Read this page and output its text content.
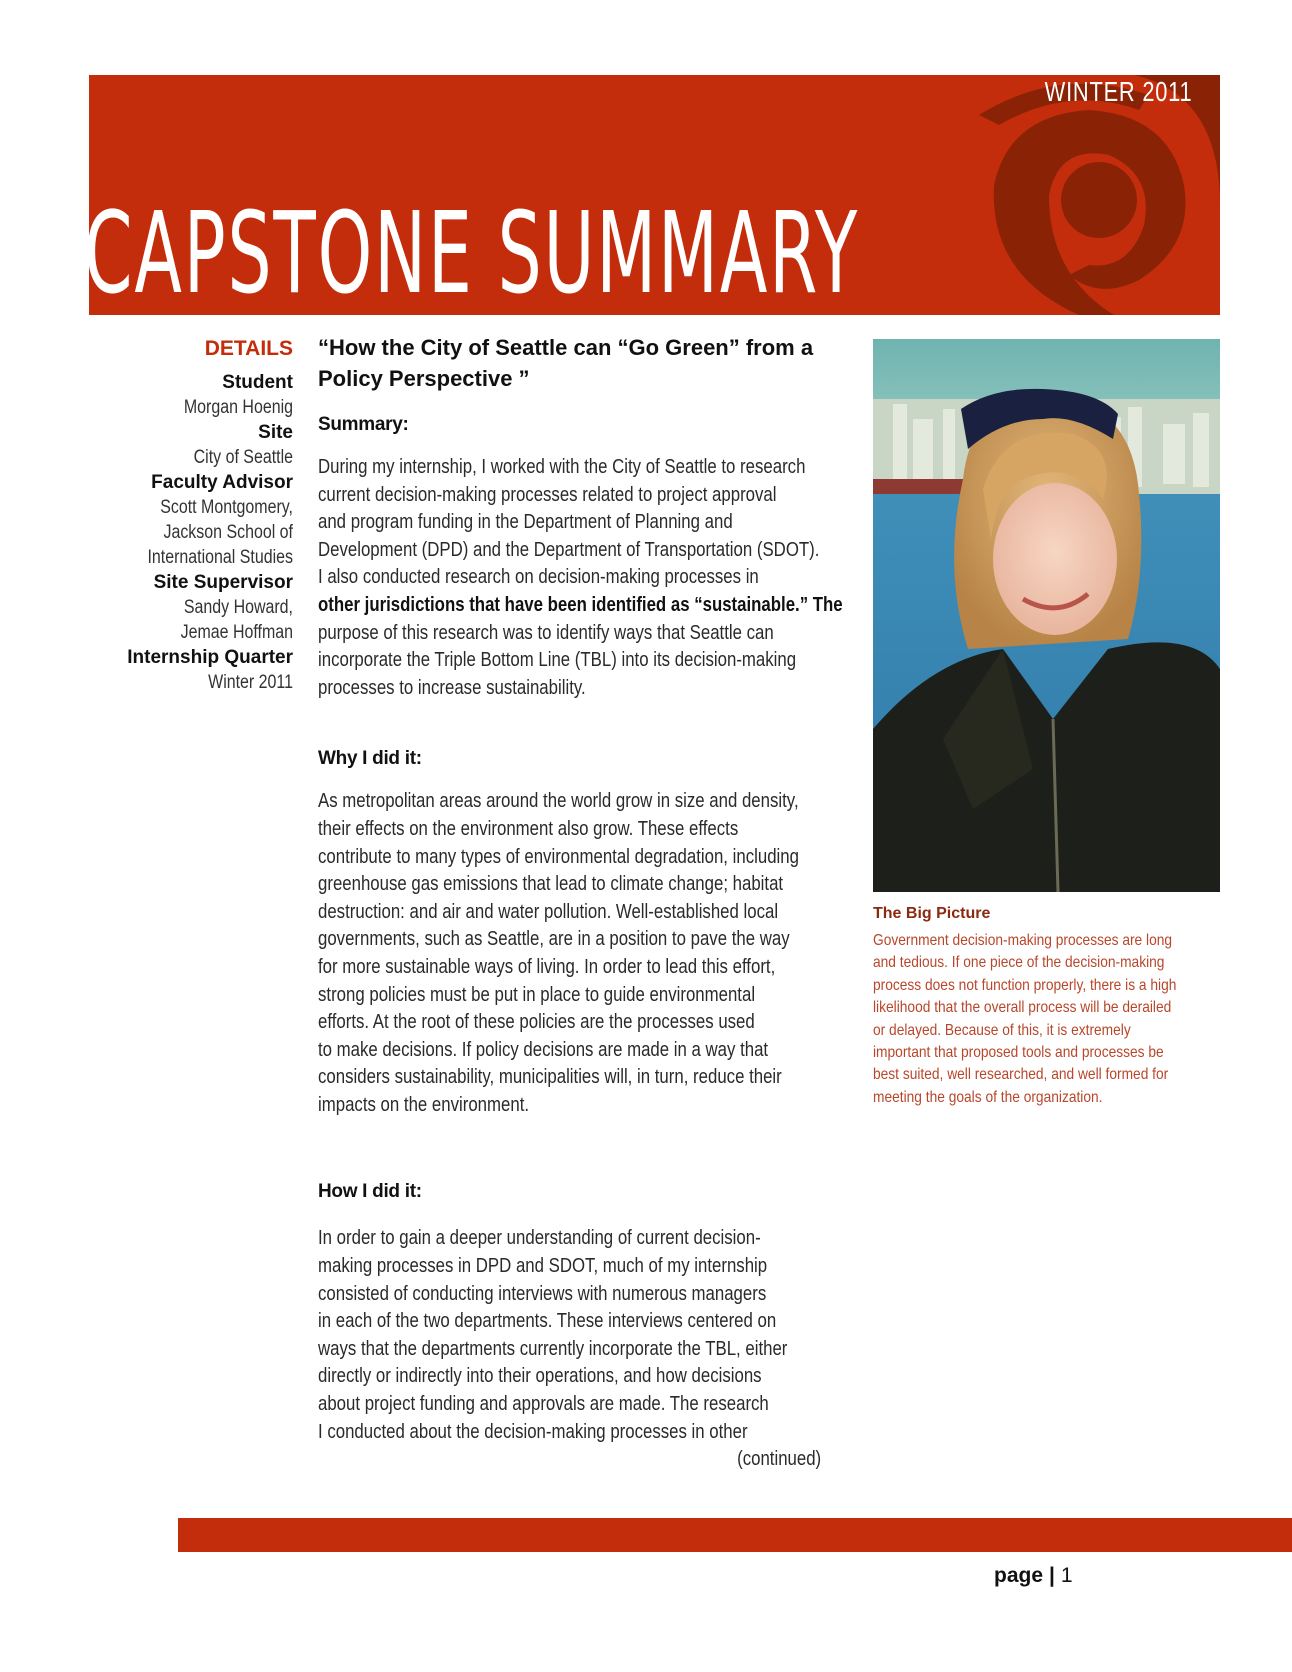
WINTER 2011
CAPSTONE SUMMARY
DETAILS
Student
Morgan Hoenig
Site
City of Seattle
Faculty Advisor
Scott Montgomery,
Jackson School of
International Studies
Site Supervisor
Sandy Howard,
Jemae Hoffman
Internship Quarter
Winter 2011
“How the City of Seattle can “Go Green” from a
Policy Perspective ”
Summary:
During my internship, I worked with the City of Seattle to research
current decision-making processes related to project approval
and program funding in the Department of Planning and
Development (DPD) and the Department of Transportation (SDOT).
I also conducted research on decision-making processes in
other jurisdictions that have been identified as “sustainable.” The
purpose of this research was to identify ways that Seattle can
incorporate the Triple Bottom Line (TBL) into its decision-making
processes to increase sustainability.
Why I did it:
As metropolitan areas around the world grow in size and density,
their effects on the environment also grow. These effects
contribute to many types of environmental degradation, including
greenhouse gas emissions that lead to climate change; habitat
destruction: and air and water pollution. Well-established local
governments, such as Seattle, are in a position to pave the way
for more sustainable ways of living. In order to lead this effort,
strong policies must be put in place to guide environmental
efforts. At the root of these policies are the processes used
to make decisions. If policy decisions are made in a way that
considers sustainability, municipalities will, in turn, reduce their
impacts on the environment.
How I did it:
In order to gain a deeper understanding of current decision-
making processes in DPD and SDOT, much of my internship
consisted of conducting interviews with numerous managers
in each of the two departments. These interviews centered on
ways that the departments currently incorporate the TBL, either
directly or indirectly into their operations, and how decisions
about project funding and approvals are made. The research
I conducted about the decision-making processes in other
(continued)
The Big Picture
Government decision-making processes are long
and tedious. If one piece of the decision-making
process does not function properly, there is a high
likelihood that the overall process will be derailed
or delayed. Because of this, it is extremely
important that proposed tools and processes be
best suited, well researched, and well formed for
meeting the goals of the organization.
page | 1
